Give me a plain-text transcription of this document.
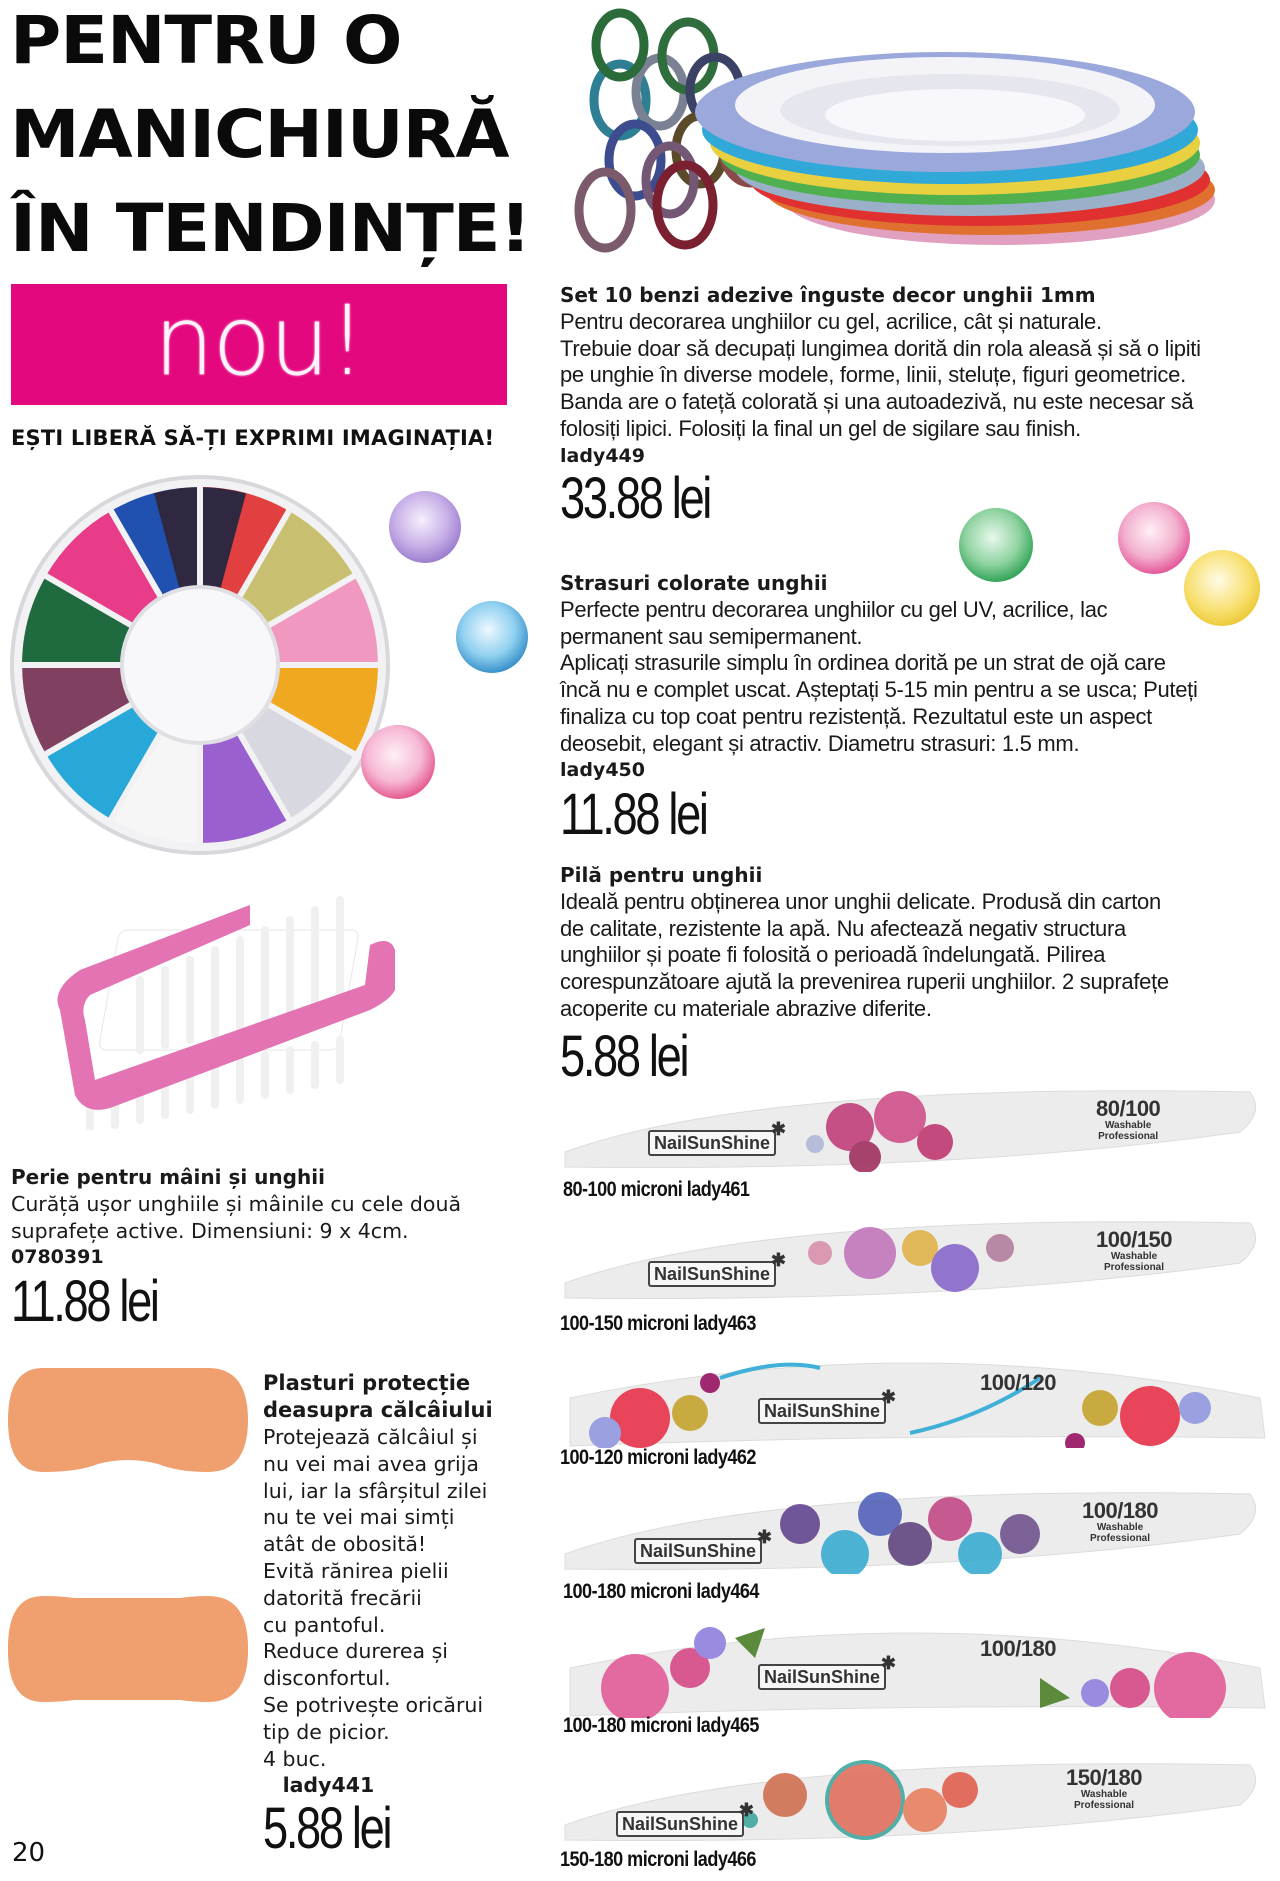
PENTRU O
MANICHIURĂ
ÎN TENDINȚE!
nou!
EȘTI LIBERĂ SĂ-ȚI EXPRIMI IMAGINAȚIA!
Set 10 benzi adezive înguste decor unghii 1mm
Pentru decorarea unghiilor cu gel, acrilice, cât și naturale.
Trebuie doar să decupați lungimea dorită din rola aleasă și să o lipiti
pe unghie în diverse modele, forme, linii, steluțe, figuri geometrice.
Banda are o fateță colorată și una autoadezivă, nu este necesar să
folosiți lipici. Folosiți la final un gel de sigilare sau finish.
lady449
33.88 lei
Strasuri colorate unghii
Perfecte pentru decorarea unghiilor cu gel UV, acrilice, lac
permanent sau semipermanent.
Aplicați strasurile simplu în ordinea dorită pe un strat de ojă care
încă nu e complet uscat. Așteptați 5-15 min pentru a se usca; Puteți
finaliza cu top coat pentru rezistență. Rezultatul este un aspect
deosebit, elegant și atractiv. Diametru strasuri: 1.5 mm.
lady450
11.88 lei
Pilă pentru unghii
Ideală pentru obținerea unor unghii delicate. Produsă din carton
de calitate, rezistente la apă. Nu afectează negativ structura
unghiilor și poate fi folosită o perioadă îndelungată. Pilirea
corespunzătoare ajută la prevenirea ruperii unghiilor. 2 suprafețe
acoperite cu materiale abrazive diferite.
5.88 lei
NailSunShine
✱
80/100
Washable
Professional
80-100 microni lady461
NailSunShine
✱
100/150
Washable
Professional
100-150 microni lady463
NailSunShine
✱
100/120
100-120 microni lady462
NailSunShine
✱
100/180
Washable
Professional
100-180 microni lady464
NailSunShine
✱
100/180
100-180 microni lady465
NailSunShine
✱
150/180
Washable
Professional
150-180 microni lady466
Perie pentru mâini și unghii
Curăță ușor unghiile și mâinile cu cele două
suprafețe active. Dimensiuni: 9 x 4cm.
0780391
11.88 lei
Plasturi protecție
deasupra călcâiului
Protejează călcâiul și
nu vei mai avea grija
lui, iar la sfârșitul zilei
nu te vei mai simți
atât de obosită!
Evită rănirea pielii
datorită frecării
cu pantoful.
Reduce durerea și
disconfortul.
Se potrivește oricărui
tip de picior.
4 buc.
lady441
5.88 lei
20
